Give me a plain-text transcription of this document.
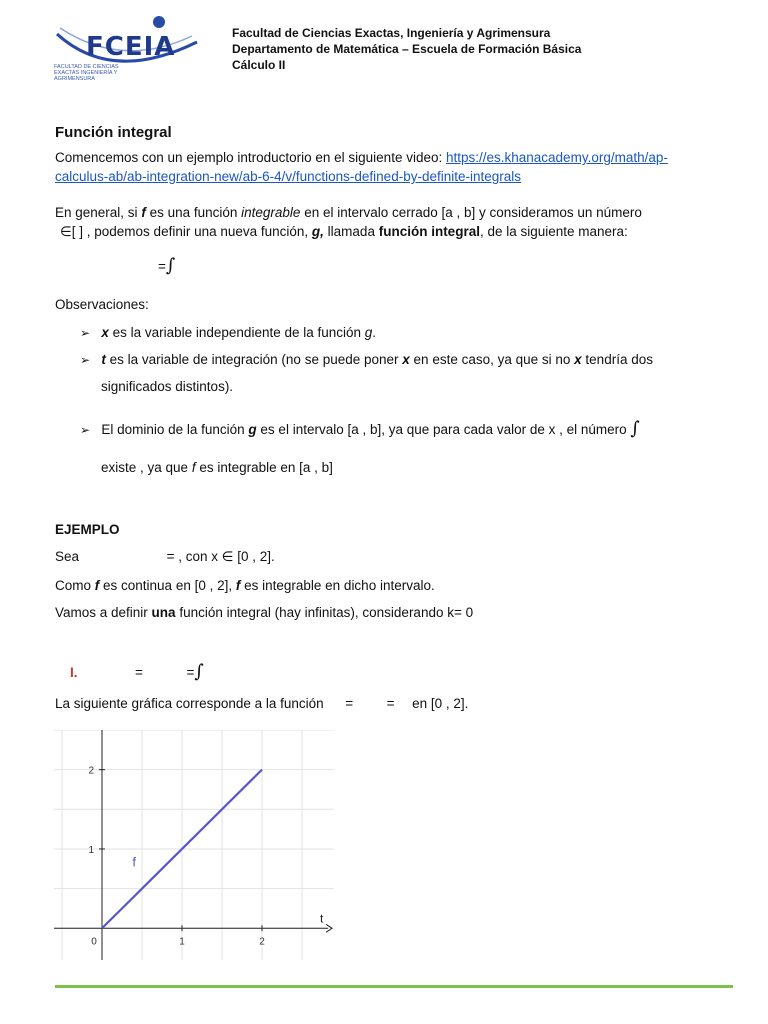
FCEIA
FACULTAD DE CIENCIAS EXACTAS INGENIERÍA Y AGRIMENSURA
Facultad de Ciencias Exactas, Ingeniería y Agrimensura
Departamento de Matemática – Escuela de Formación Básica
Cálculo II
Función integral
Comencemos con un ejemplo introductorio en el siguiente video: https://es.khanacademy.org/math/ap-
calculus-ab/ab-integration-new/ab-6-4/v/functions-defined-by-definite-integrals
En general, si f es una función integrable en el intervalo cerrado [a , b] y consideramos un número
∈[ ] , podemos definir una nueva función, g, llamada función integral, de la siguiente manera:
=∫
Observaciones:
➢ x es la variable independiente de la función g.
➢ t es la variable de integración (no se puede poner x en este caso, ya que si no x tendría dos
significados distintos).
➢ El dominio de la función g es el intervalo [a , b], ya que para cada valor de x , el número ∫
existe , ya que f es integrable en [a , b]
EJEMPLO
Sea	= , con x ∈ [0 , 2].
Como f es continua en [0 , 2], f es integrable en dicho intervalo.
Vamos a definir una función integral (hay infinitas), considerando k= 0
I.	=	=∫
La siguiente gráfica corresponde a la función = = en [0 , 2].
0	1	2
1
2
t
f
